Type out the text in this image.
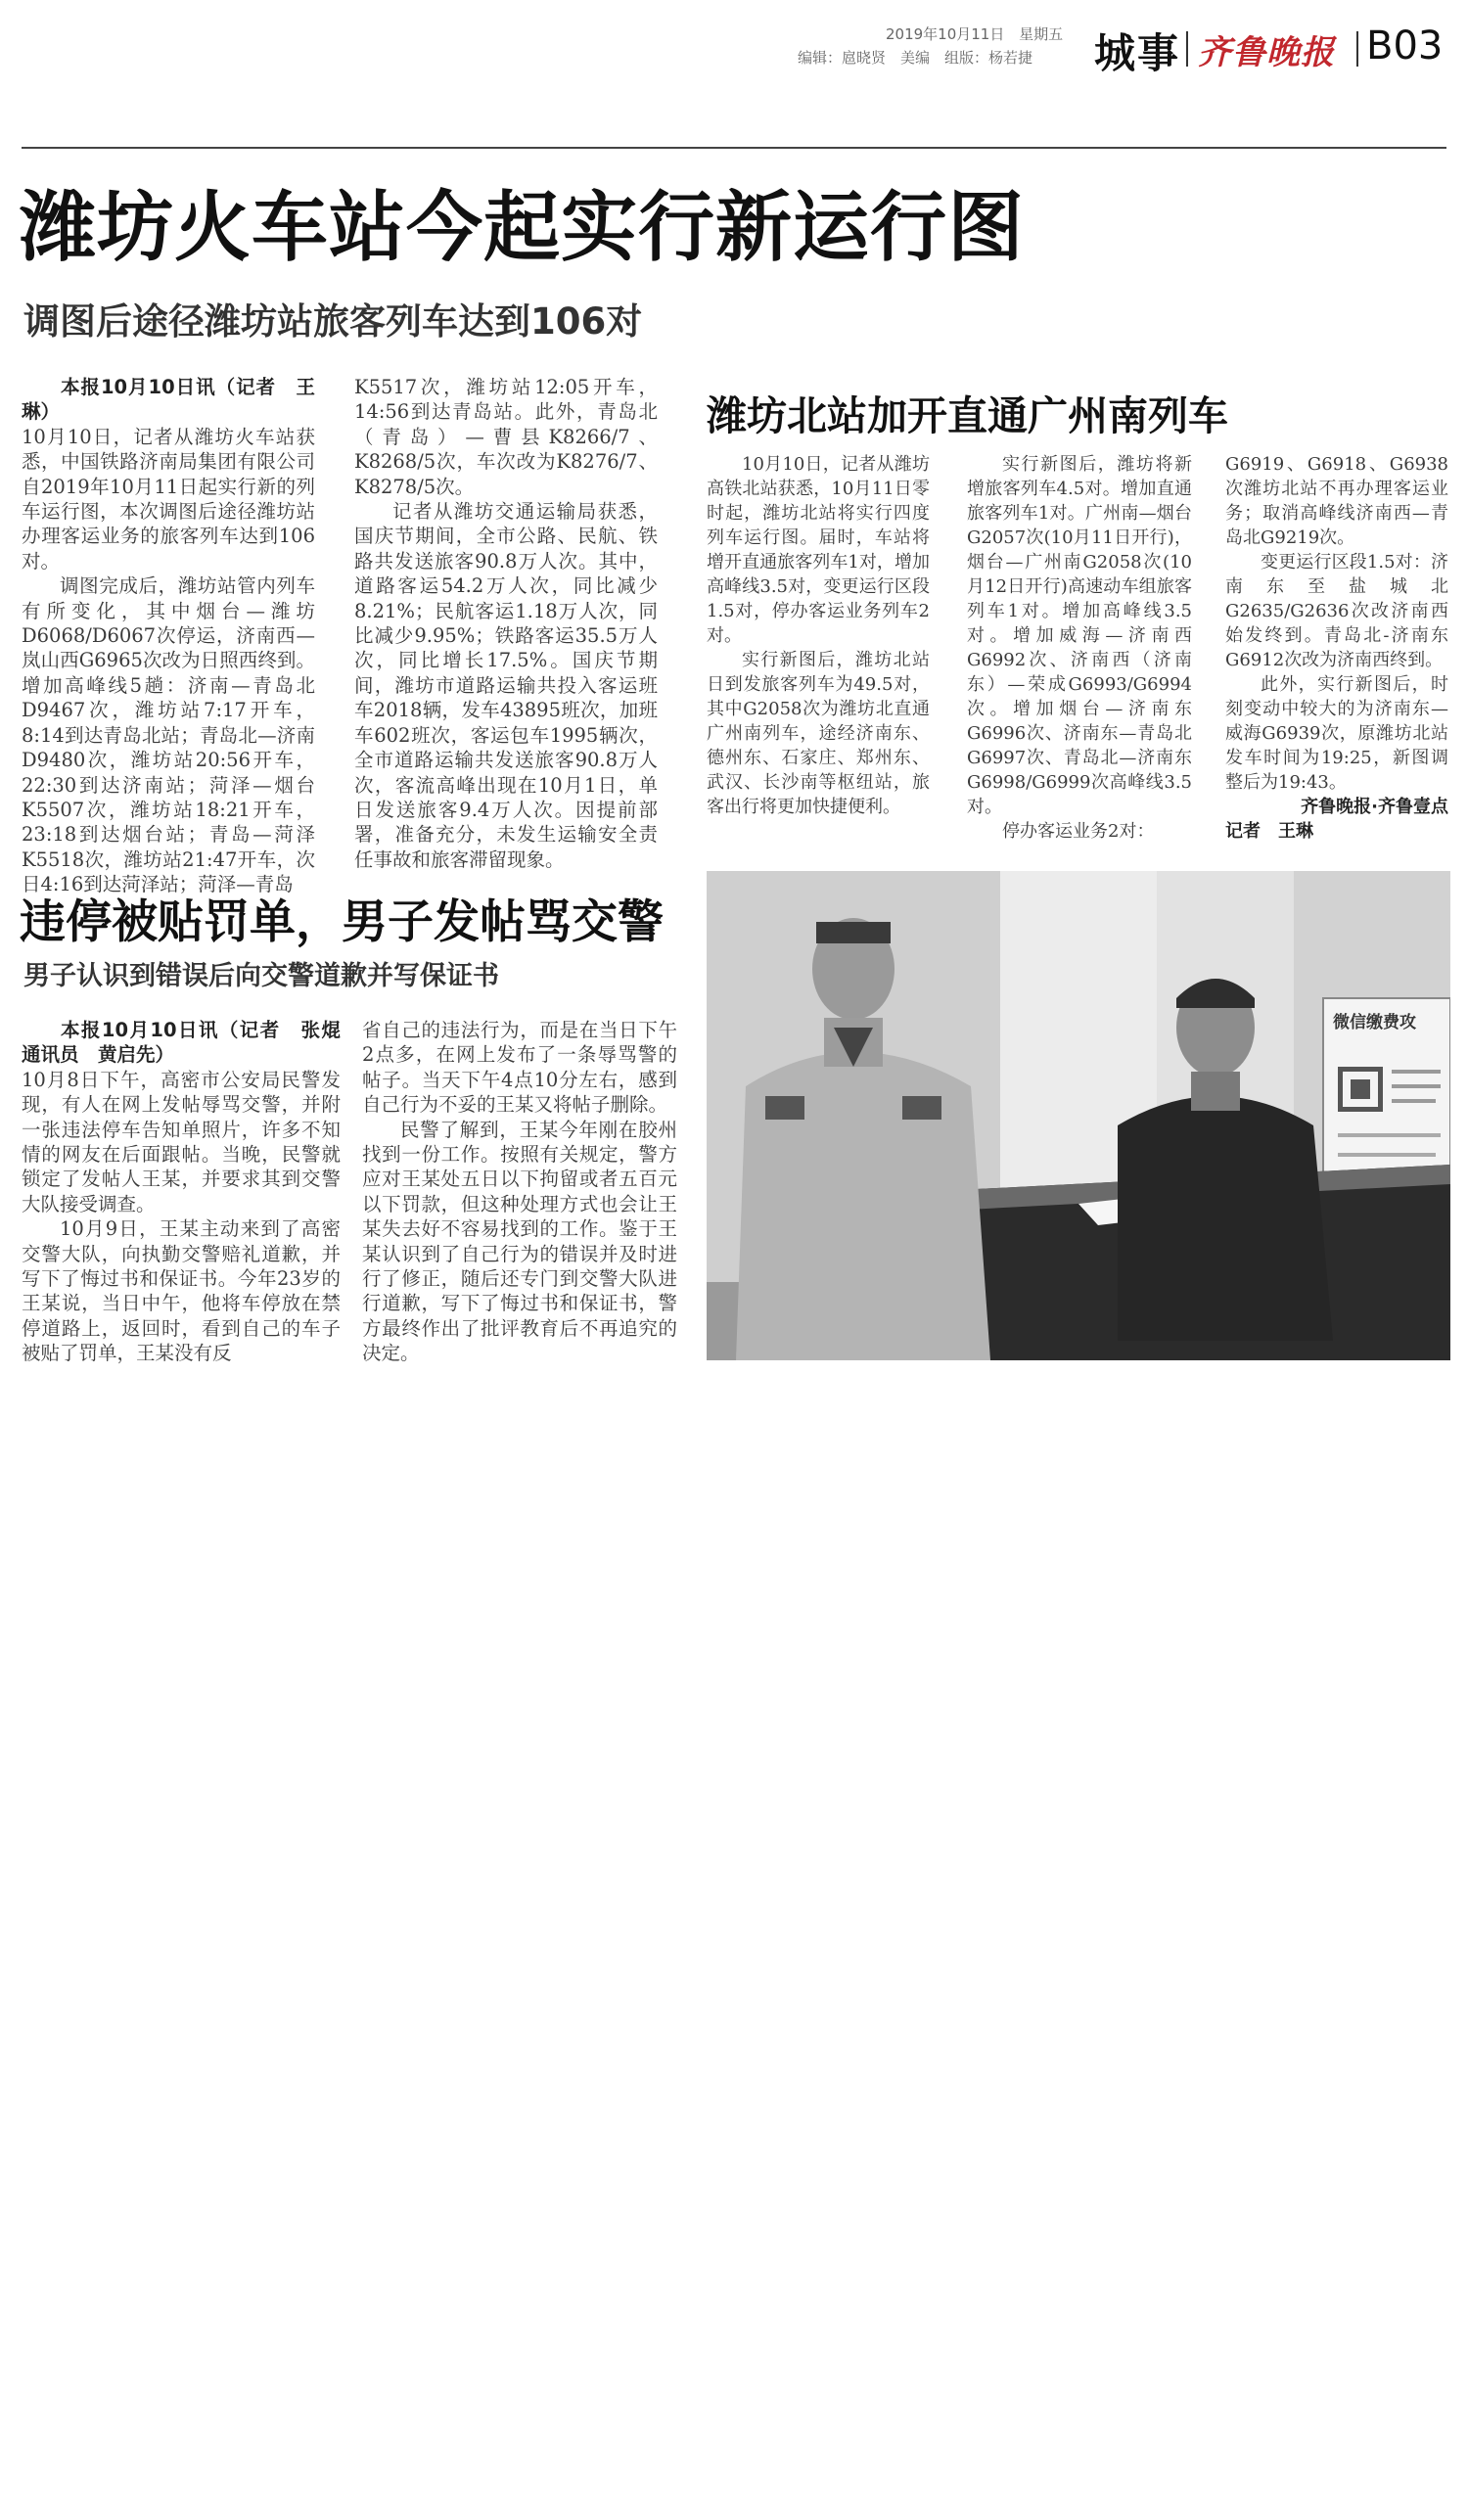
2019年10月11日 星期五
编辑：扈晓贤　美编　组版：杨若捷	城事 齐鲁晚报 B03
潍坊火车站今起实行新运行图
调图后途径潍坊站旅客列车达到106对

本报10月10日讯（记者　王琳）

10月10日，记者从潍坊火车站获悉，中国铁路济南局集团有限公司自2019年10月11日起实行新的列车运行图，本次调图后途径潍坊站办理客运业务的旅客列车达到106对。

调图完成后，潍坊站管内列车有所变化，其中烟台—潍坊D6068/D6067次停运，济南西—岚山西G6965次改为日照西终到。增加高峰线5趟：济南—青岛北D9467次，潍坊站7:17开车，8:14到达青岛北站；青岛北—济南D9480次，潍坊站20:56开车，22:30到达济南站；菏泽—烟台K5507次，潍坊站18:21开车，23:18到达烟台站；青岛—菏泽K5518次，潍坊站21:47开车，次日4:16到达菏泽站；菏泽—青岛

K5517次，潍坊站12:05开车，14:56到达青岛站。此外，青岛北（青岛）—曹县K8266/7、K8268/5次，车次改为K8276/7、K8278/5次。

记者从潍坊交通运输局获悉，国庆节期间，全市公路、民航、铁路共发送旅客90.8万人次。其中，道路客运54.2万人次，同比减少8.21%；民航客运1.18万人次，同比减少9.95%；铁路客运35.5万人次，同比增长17.5%。国庆节期间，潍坊市道路运输共投入客运班车2018辆，发车43895班次，加班车602班次，客运包车1995辆次，全市道路运输共发送旅客90.8万人次，客流高峰出现在10月1日，单日发送旅客9.4万人次。因提前部署，准备充分，未发生运输安全责任事故和旅客滞留现象。

潍坊北站加开直通广州南列车

10月10日，记者从潍坊高铁北站获悉，10月11日零时起，潍坊北站将实行四度列车运行图。届时，车站将增开直通旅客列车1对，增加高峰线3.5对，变更运行区段1.5对，停办客运业务列车2对。

实行新图后，潍坊北站日到发旅客列车为49.5对，其中G2058次为潍坊北直通广州南列车，途经济南东、德州东、石家庄、郑州东、武汉、长沙南等枢纽站，旅客出行将更加快捷便利。

实行新图后，潍坊将新增旅客列车4.5对。增加直通旅客列车1对。广州南—烟台G2057次(10月11日开行)，烟台—广州南G2058次(10月12日开行)高速动车组旅客列车1对。增加高峰线3.5对。增加威海—济南西G6992次、济南西（济南东）—荣成G6993/G6994次。增加烟台—济南东G6996次、济南东—青岛北G6997次、青岛北—济南东G6998/G6999次高峰线3.5对。

停办客运业务2对：

G6919、G6918、G6938次潍坊北站不再办理客运业务；取消高峰线济南西—青岛北G9219次。

变更运行区段1.5对：济南东至盐城北G2635/G2636次改济南西始发终到。青岛北-济南东G6912次改为济南西终到。

此外，实行新图后，时刻变动中较大的为济南东—威海G6939次，原潍坊北站发车时间为19:25，新图调整后为19:43。

齐鲁晚报·齐鲁壹点

记者　王琳

违停被贴罚单，男子发帖骂交警
男子认识到错误后向交警道歉并写保证书

本报10月10日讯（记者　张焜　通讯员　黄启先）

10月8日下午，高密市公安局民警发现，有人在网上发帖辱骂交警，并附一张违法停车告知单照片，许多不知情的网友在后面跟帖。当晚，民警就锁定了发帖人王某，并要求其到交警大队接受调查。

10月9日，王某主动来到了高密交警大队，向执勤交警赔礼道歉，并写下了悔过书和保证书。今年23岁的王某说，当日中午，他将车停放在禁停道路上，返回时，看到自己的车子被贴了罚单，王某没有反

省自己的违法行为，而是在当日下午2点多，在网上发布了一条辱骂警的帖子。当天下午4点10分左右，感到自己行为不妥的王某又将帖子删除。

民警了解到，王某今年刚在胶州找到一份工作。按照有关规定，警方应对王某处五日以下拘留或者五百元以下罚款，但这种处理方式也会让王某失去好不容易找到的工作。鉴于王某认识到了自己行为的错误并及时进行了修正，随后还专门到交警大队进行道歉，写下了悔过书和保证书，警方最终作出了批评教育后不再追究的决定。

微信缴费攻
